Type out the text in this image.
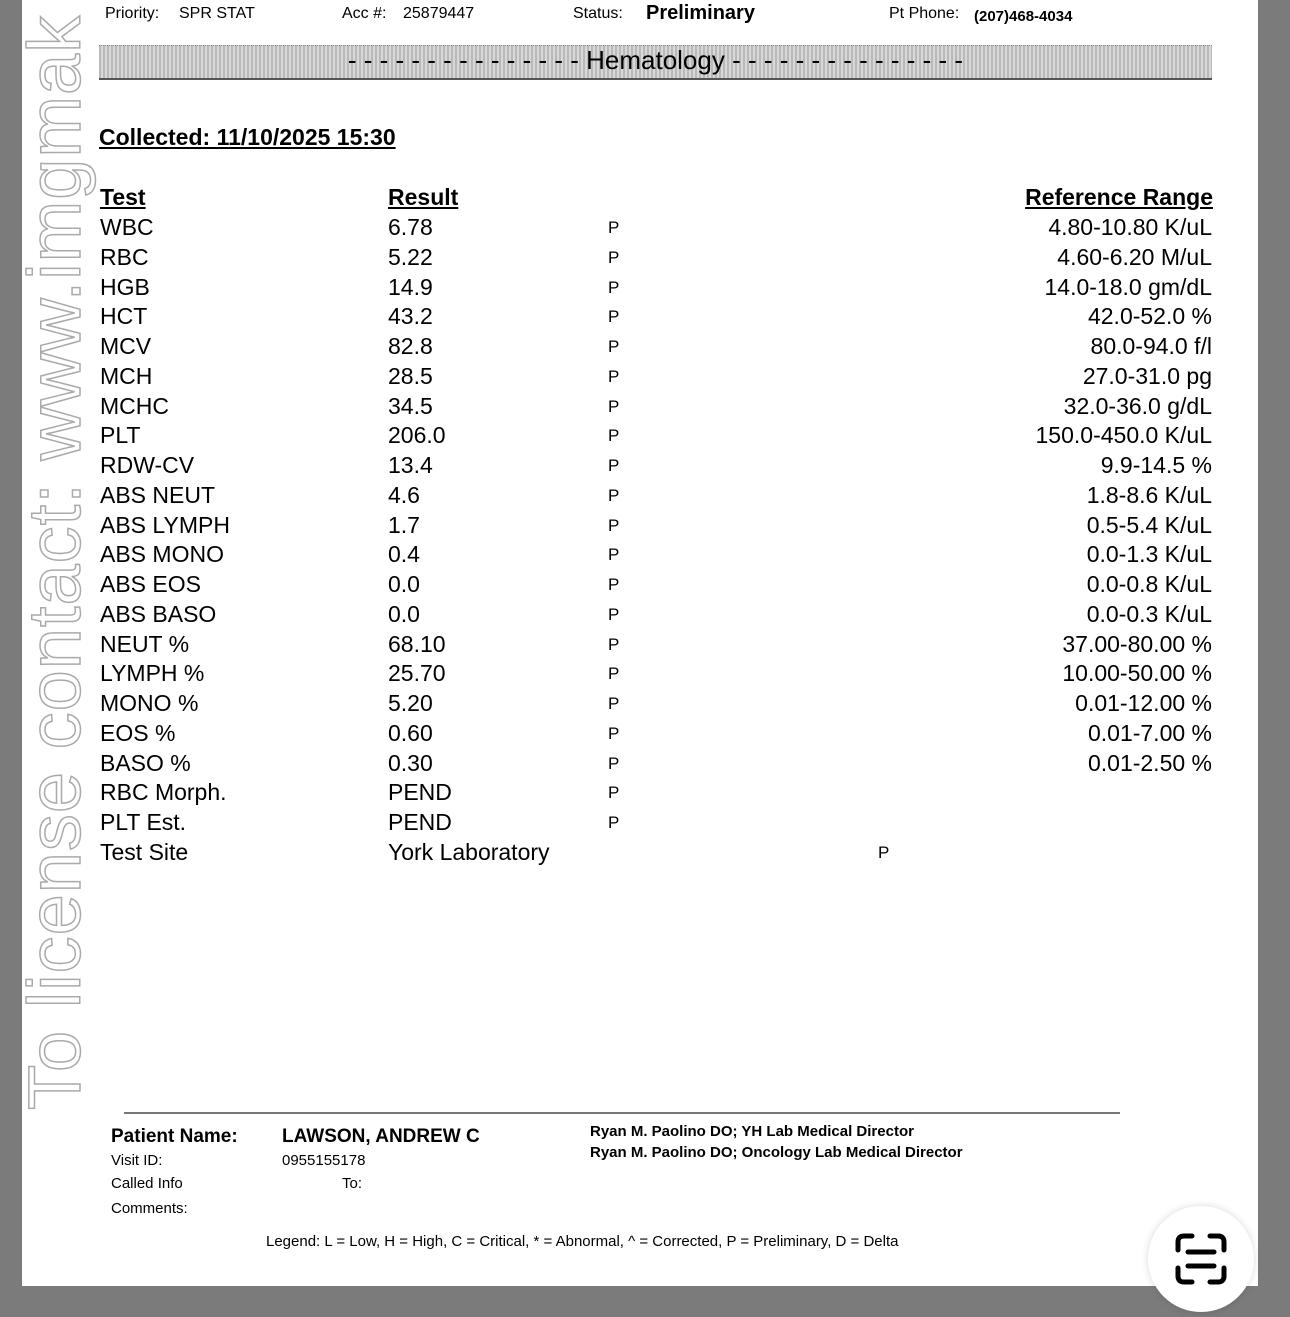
To license contact: www.imgmak
Priority: SPR STAT	Acc #: 25879447	Status: Preliminary	Pt Phone: (207)468-4034
- - - - - - - - - - - - - - - Hematology - - - - - - - - - - - - - - -
Collected: 11/10/2025 15:30
Test	Result	Reference Range
WBC	6.78	P	4.80-10.80 K/uL
RBC	5.22	P	4.60-6.20 M/uL
HGB	14.9	P	14.0-18.0 gm/dL
HCT	43.2	P	42.0-52.0 %
MCV	82.8	P	80.0-94.0 f/l
MCH	28.5	P	27.0-31.0 pg
MCHC	34.5	P	32.0-36.0 g/dL
PLT	206.0	P	150.0-450.0 K/uL
RDW-CV	13.4	P	9.9-14.5 %
ABS NEUT	4.6	P	1.8-8.6 K/uL
ABS LYMPH	1.7	P	0.5-5.4 K/uL
ABS MONO	0.4	P	0.0-1.3 K/uL
ABS EOS	0.0	P	0.0-0.8 K/uL
ABS BASO	0.0	P	0.0-0.3 K/uL
NEUT %	68.10	P	37.00-80.00 %
LYMPH %	25.70	P	10.00-50.00 %
MONO %	5.20	P	0.01-12.00 %
EOS %	0.60	P	0.01-7.00 %
BASO %	0.30	P	0.01-2.50 %
RBC Morph.	PEND	P
PLT Est.	PEND	P
Test Site	York Laboratory	P
Patient Name: LAWSON, ANDREW C
Visit ID:	0955155178
Called Info	To:
Comments:
Ryan M. Paolino DO; YH Lab Medical Director
Ryan M. Paolino DO; Oncology Lab Medical Director
Legend: L = Low, H = High, C = Critical, * = Abnormal, ^ = Corrected, P = Preliminary, D = Delta
